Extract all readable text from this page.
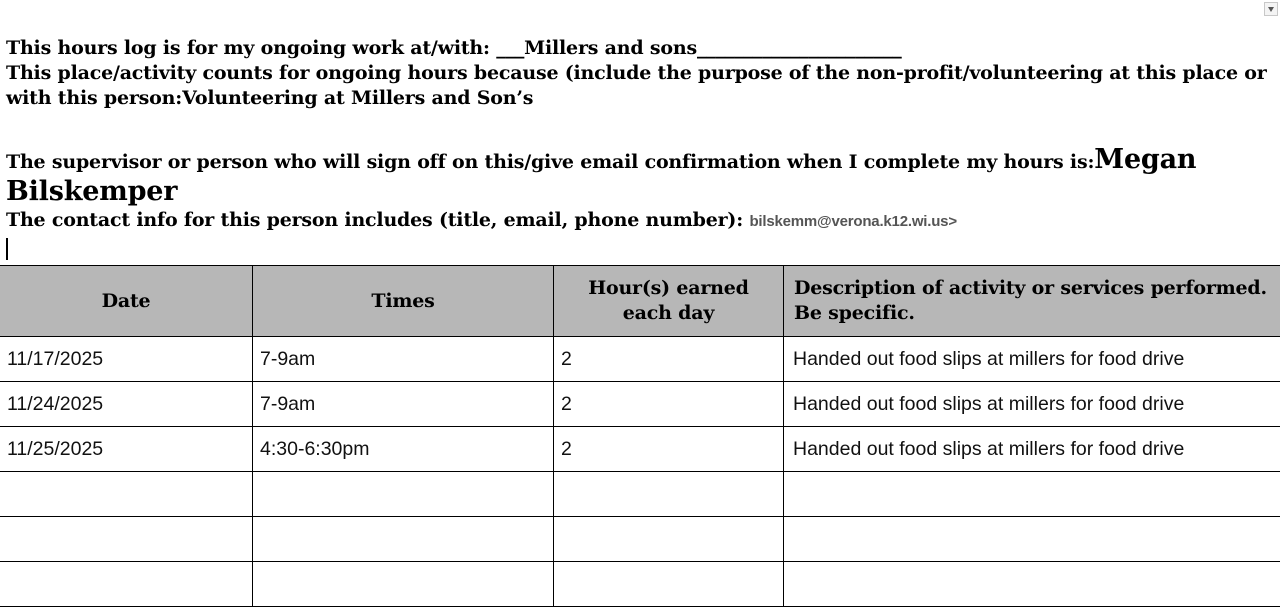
This hours log is for my ongoing work at/with: ___Millers and sons______________________
This place/activity counts for ongoing hours because (include the purpose of the non-profit/volunteering at this place or with this person:Volunteering at Millers and Son’s
The supervisor or person who will sign off on this/give email confirmation when I complete my hours is:Megan Bilskemper
The contact info for this person includes (title, email, phone number): bilskemm@verona.k12.wi.us>
Date	Times	Hour(s) earned each day	Description of activity or services performed. Be specific.
11/17/2025	7-9am	2	Handed out food slips at millers for food drive
11/24/2025	7-9am	2	Handed out food slips at millers for food drive
11/25/2025	4:30-6:30pm	2	Handed out food slips at millers for food drive
